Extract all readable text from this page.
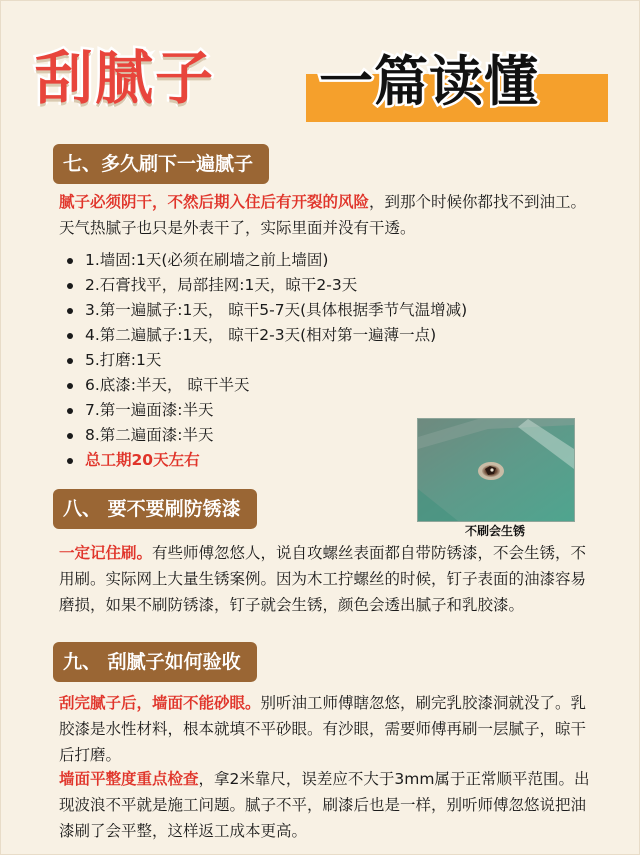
刮腻子 一篇读懂
七、多久刷下一遍腻子
腻子必须阴干，不然后期入住后有开裂的风险，到那个时候你都找不到油工。天气热腻子也只是外表干了，实际里面并没有干透。
1.墙固:1天(必须在刷墙之前上墙固)
2.石膏找平，局部挂网:1天，晾干2-3天
3.第一遍腻子:1天， 晾干5-7天(具体根据季节气温增减)
4.第二遍腻子:1天， 晾干2-3天(相对第一遍薄一点)
5.打磨:1天
6.底漆:半天， 晾干半天
7.第一遍面漆:半天
8.第二遍面漆:半天
总工期20天左右
不刷会生锈
八、 要不要刷防锈漆
一定记住刷。有些师傅忽悠人，说自攻螺丝表面都自带防锈漆，不会生锈，不用刷。实际网上大量生锈案例。因为木工拧螺丝的时候，钉子表面的油漆容易磨损，如果不刷防锈漆，钉子就会生锈，颜色会透出腻子和乳胶漆。
九、 刮腻子如何验收
刮完腻子后，墙面不能砂眼。别听油工师傅瞎忽悠，刷完乳胶漆洞就没了。乳胶漆是水性材料，根本就填不平砂眼。有沙眼，需要师傅再刷一层腻子，晾干后打磨。
墙面平整度重点检查，拿2米靠尺，误差应不大于3mm属于正常顺平范围。出现波浪不平就是施工问题。腻子不平，刷漆后也是一样，别听师傅忽悠说把油漆刷了会平整，这样返工成本更高。
